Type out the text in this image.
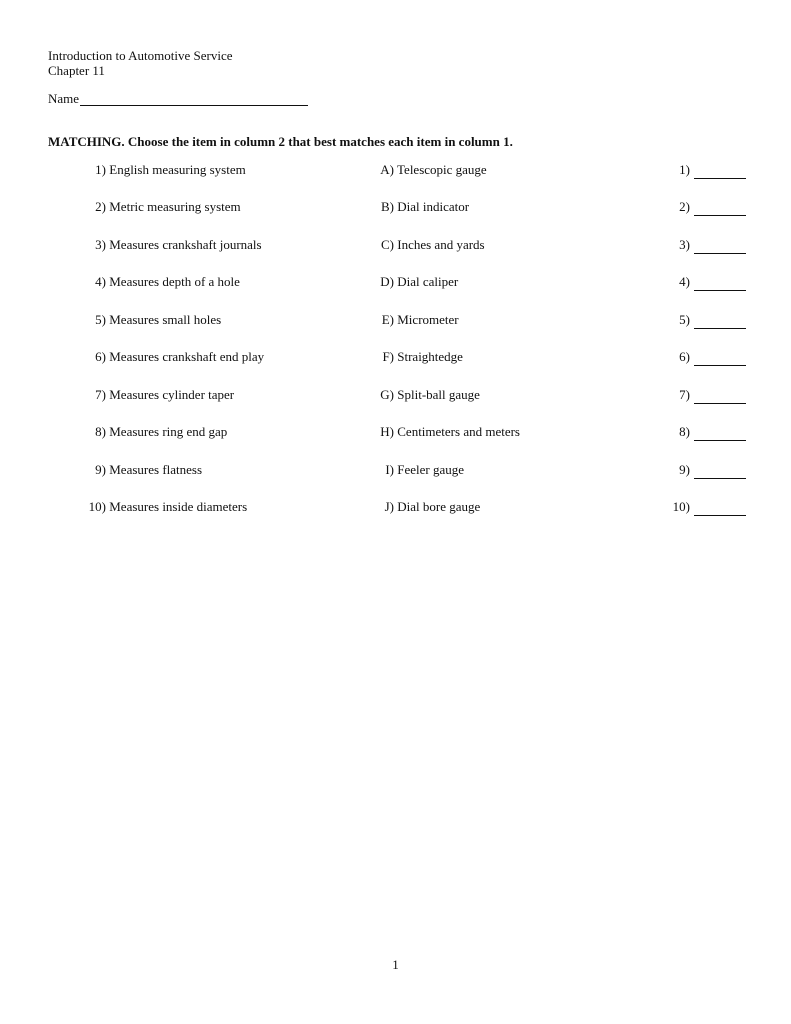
Introduction to Automotive Service
Chapter 11
Name
MATCHING. Choose the item in column 2 that best matches each item in column 1.
1) English measuring system	A) Telescopic gauge	1)
2) Metric measuring system	B) Dial indicator	2)
3) Measures crankshaft journals	C) Inches and yards	3)
4) Measures depth of a hole	D) Dial caliper	4)
5) Measures small holes	E) Micrometer	5)
6) Measures crankshaft end play	F) Straightedge	6)
7) Measures cylinder taper	G) Split-ball gauge	7)
8) Measures ring end gap	H) Centimeters and meters	8)
9) Measures flatness	I) Feeler gauge	9)
10) Measures inside diameters	J) Dial bore gauge	10)
1
